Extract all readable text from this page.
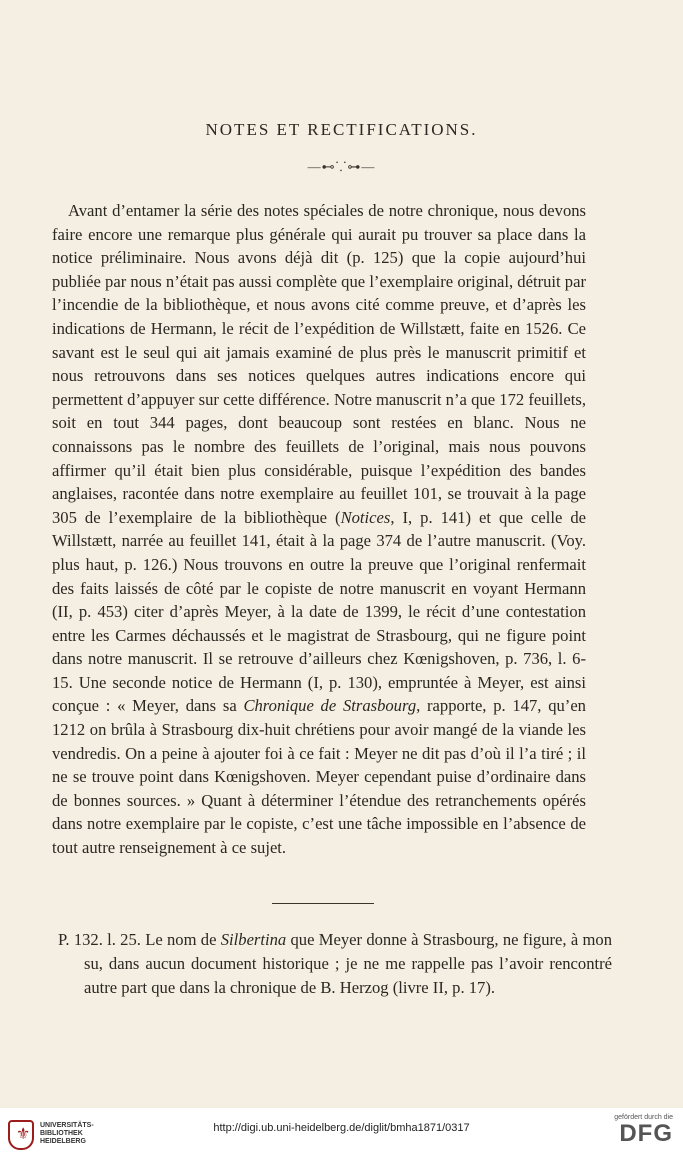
NOTES ET RECTIFICATIONS.
—⊷⸪⊶—

Avant d’entamer la série des notes spéciales de notre chronique, nous devons faire encore une remarque plus générale qui aurait pu trouver sa place dans la notice préliminaire. Nous avons déjà dit (p. 125) que la copie aujourd’hui publiée par nous n’était pas aussi complète que l’exemplaire original, détruit par l’incendie de la bibliothèque, et nous avons cité comme preuve, et d’après les indications de Hermann, le récit de l’expédition de Willstætt, faite en 1526. Ce savant est le seul qui ait jamais examiné de plus près le manuscrit primitif et nous retrouvons dans ses notices quelques autres indications encore qui permettent d’appuyer sur cette différence. Notre manuscrit n’a que 172 feuillets, soit en tout 344 pages, dont beaucoup sont restées en blanc. Nous ne connaissons pas le nombre des feuillets de l’original, mais nous pouvons affirmer qu’il était bien plus considérable, puisque l’expédition des bandes anglaises, racontée dans notre exemplaire au feuillet 101, se trouvait à la page 305 de l’exemplaire de la bibliothèque (Notices, I, p. 141) et que celle de Willstætt, narrée au feuillet 141, était à la page 374 de l’autre manuscrit. (Voy. plus haut, p. 126.) Nous trouvons en outre la preuve que l’original renfermait des faits laissés de côté par le copiste de notre manuscrit en voyant Hermann (II, p. 453) citer d’après Meyer, à la date de 1399, le récit d’une contestation entre les Carmes déchaussés et le magistrat de Strasbourg, qui ne figure point dans notre manuscrit. Il se retrouve d’ailleurs chez Kœnigshoven, p. 736, l. 6-15. Une seconde notice de Hermann (I, p. 130), empruntée à Meyer, est ainsi conçue : « Meyer, dans sa Chronique de Strasbourg, rapporte, p. 147, qu’en 1212 on brûla à Strasbourg dix-huit chrétiens pour avoir mangé de la viande les vendredis. On a peine à ajouter foi à ce fait : Meyer ne dit pas d’où il l’a tiré ; il ne se trouve point dans Kœnigshoven. Meyer cependant puise d’ordinaire dans de bonnes sources. » Quant à déterminer l’étendue des retranchements opérés dans notre exemplaire par le copiste, c’est une tâche impossible en l’absence de tout autre renseignement à ce sujet.

P. 132. l. 25. Le nom de Silbertina que Meyer donne à Strasbourg, ne figure, à mon su, dans aucun document historique ; je ne me rappelle pas l’avoir rencontré autre part que dans la chronique de B. Herzog (livre II, p. 17).

⚜ UNIVERSITÄTS-
BIBLIOTHEK
HEIDELBERG
http://digi.ub.uni-heidelberg.de/diglit/bmha1871/0317
gefördert durch die
DFG
